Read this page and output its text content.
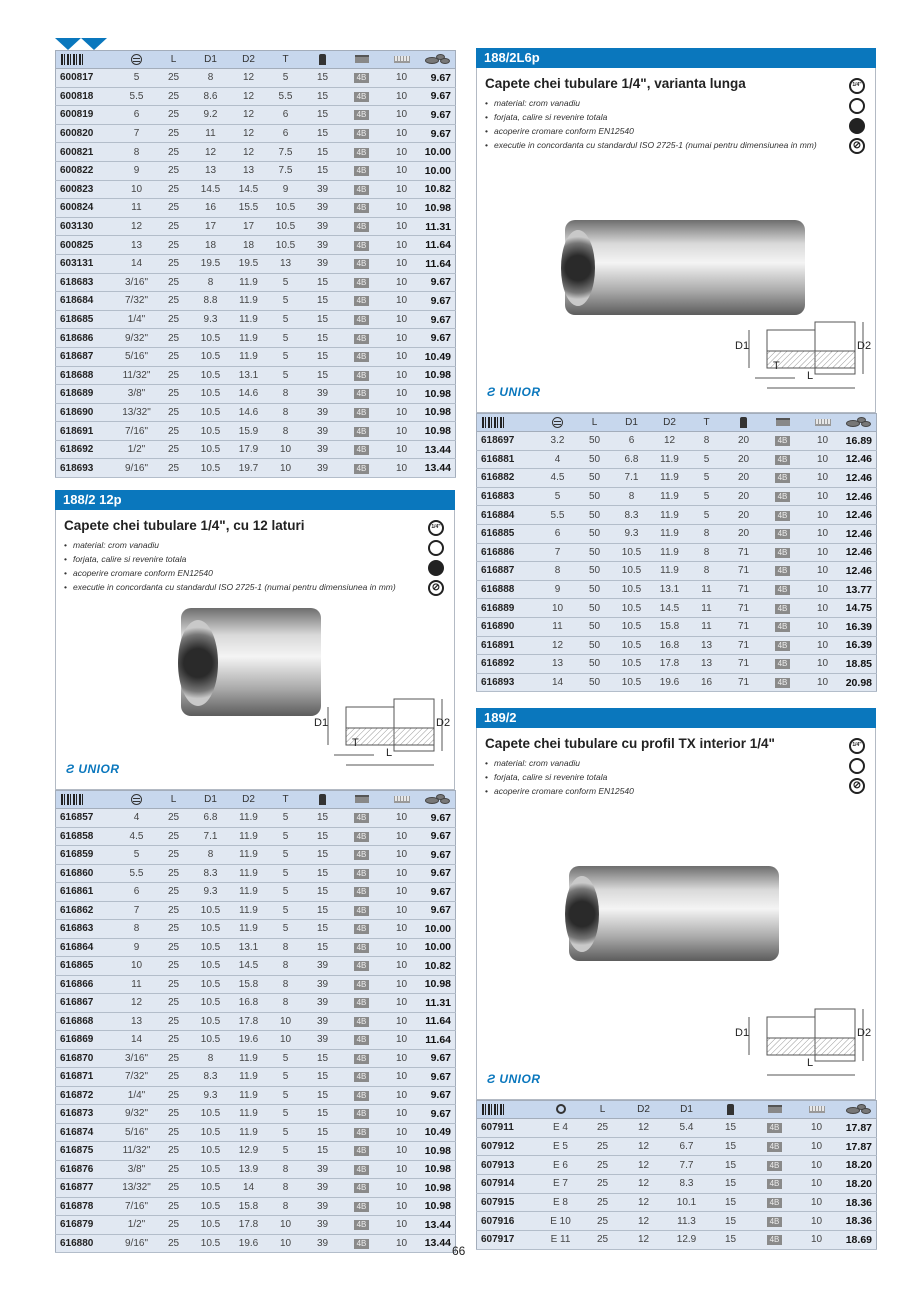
		L	D1	D2	T				

600817	5	25	8	12	5	15	4B	10	9.67
600818	5.5	25	8.6	12	5.5	15	4B	10	9.67
600819	6	25	9.2	12	6	15	4B	10	9.67
600820	7	25	11	12	6	15	4B	10	9.67
600821	8	25	12	12	7.5	15	4B	10	10.00
600822	9	25	13	13	7.5	15	4B	10	10.00
600823	10	25	14.5	14.5	9	39	4B	10	10.82
600824	11	25	16	15.5	10.5	39	4B	10	10.98
603130	12	25	17	17	10.5	39	4B	10	11.31
600825	13	25	18	18	10.5	39	4B	10	11.64
603131	14	25	19.5	19.5	13	39	4B	10	11.64
618683	3/16"	25	8	11.9	5	15	4B	10	9.67
618684	7/32"	25	8.8	11.9	5	15	4B	10	9.67
618685	1/4"	25	9.3	11.9	5	15	4B	10	9.67
618686	9/32"	25	10.5	11.9	5	15	4B	10	9.67
618687	5/16"	25	10.5	11.9	5	15	4B	10	10.49
618688	11/32"	25	10.5	13.1	5	15	4B	10	10.98
618689	3/8"	25	10.5	14.6	8	39	4B	10	10.98
618690	13/32"	25	10.5	14.6	8	39	4B	10	10.98
618691	7/16"	25	10.5	15.9	8	39	4B	10	10.98
618692	1/2"	25	10.5	17.9	10	39	4B	10	13.44
618693	9/16"	25	10.5	19.7	10	39	4B	10	13.44
188/2 12p
Capete chei tubulare 1/4", cu 12 laturi
• material: crom vanadiu
• forjata, calire si revenire totala
• acoperire cromare conform EN12540
• executie in concordanta cu standardul ISO 2725-1 (numai pentru dimensiunea in mm)
1/4"
⊘
D1	D2
L
T
Ƨ UNIOR
		L	D1	D2	T				

616857	4	25	6.8	11.9	5	15	4B	10	9.67
616858	4.5	25	7.1	11.9	5	15	4B	10	9.67
616859	5	25	8	11.9	5	15	4B	10	9.67
616860	5.5	25	8.3	11.9	5	15	4B	10	9.67
616861	6	25	9.3	11.9	5	15	4B	10	9.67
616862	7	25	10.5	11.9	5	15	4B	10	9.67
616863	8	25	10.5	11.9	5	15	4B	10	10.00
616864	9	25	10.5	13.1	8	15	4B	10	10.00
616865	10	25	10.5	14.5	8	39	4B	10	10.82
616866	11	25	10.5	15.8	8	39	4B	10	10.98
616867	12	25	10.5	16.8	8	39	4B	10	11.31
616868	13	25	10.5	17.8	10	39	4B	10	11.64
616869	14	25	10.5	19.6	10	39	4B	10	11.64
616870	3/16"	25	8	11.9	5	15	4B	10	9.67
616871	7/32"	25	8.3	11.9	5	15	4B	10	9.67
616872	1/4"	25	9.3	11.9	5	15	4B	10	9.67
616873	9/32"	25	10.5	11.9	5	15	4B	10	9.67
616874	5/16"	25	10.5	11.9	5	15	4B	10	10.49
616875	11/32"	25	10.5	12.9	5	15	4B	10	10.98
616876	3/8"	25	10.5	13.9	8	39	4B	10	10.98
616877	13/32"	25	10.5	14	8	39	4B	10	10.98
616878	7/16"	25	10.5	15.8	8	39	4B	10	10.98
616879	1/2"	25	10.5	17.8	10	39	4B	10	13.44
616880	9/16"	25	10.5	19.6	10	39	4B	10	13.44
188/2L6p
Capete chei tubulare 1/4", varianta lunga
• material: crom vanadiu
• forjata, calire si revenire totala
• acoperire cromare conform EN12540
• executie in concordanta cu standardul ISO 2725-1 (numai pentru dimensiunea in mm)
1/4"
⊘
D1	D2
L
T
Ƨ UNIOR
		L	D1	D2	T				

618697	3.2	50	6	12	8	20	4B	10	16.89
616881	4	50	6.8	11.9	5	20	4B	10	12.46
616882	4.5	50	7.1	11.9	5	20	4B	10	12.46
616883	5	50	8	11.9	5	20	4B	10	12.46
616884	5.5	50	8.3	11.9	5	20	4B	10	12.46
616885	6	50	9.3	11.9	8	20	4B	10	12.46
616886	7	50	10.5	11.9	8	71	4B	10	12.46
616887	8	50	10.5	11.9	8	71	4B	10	12.46
616888	9	50	10.5	13.1	11	71	4B	10	13.77
616889	10	50	10.5	14.5	11	71	4B	10	14.75
616890	11	50	10.5	15.8	11	71	4B	10	16.39
616891	12	50	10.5	16.8	13	71	4B	10	16.39
616892	13	50	10.5	17.8	13	71	4B	10	18.85
616893	14	50	10.5	19.6	16	71	4B	10	20.98
189/2
Capete chei tubulare cu profil TX interior 1/4"
• material: crom vanadiu
• forjata, calire si revenire totala
• acoperire cromare conform EN12540
1/4"
⊘
D1	D2
L
Ƨ UNIOR
		L	D2	D1				

607911	E 4	25	12	5.4	15	4B	10	17.87
607912	E 5	25	12	6.7	15	4B	10	17.87
607913	E 6	25	12	7.7	15	4B	10	18.20
607914	E 7	25	12	8.3	15	4B	10	18.20
607915	E 8	25	12	10.1	15	4B	10	18.36
607916	E 10	25	12	11.3	15	4B	10	18.36
607917	E 11	25	12	12.9	15	4B	10	18.69
66
